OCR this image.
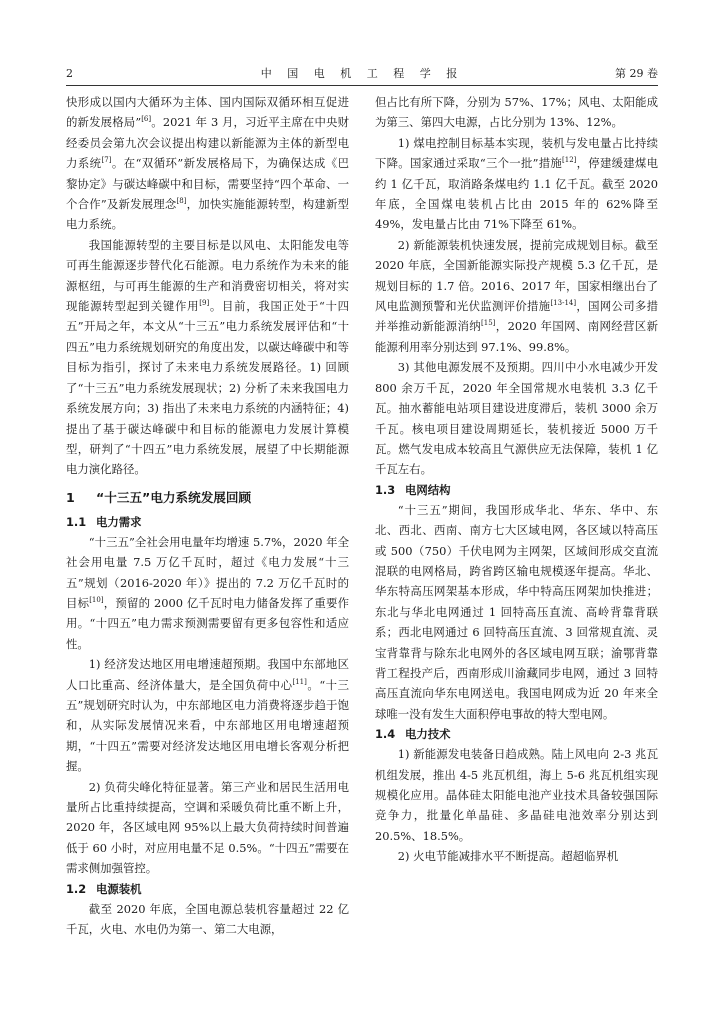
2	中 国 电 机 工 程 学 报	第 29 卷

快形成以国内大循环为主体、国内国际双循环相互促进的新发展格局”[6]。2021 年 3 月，习近平主席在中央财经委员会第九次会议提出构建以新能源为主体的新型电力系统[7]。在“双循环”新发展格局下，为确保达成《巴黎协定》与碳达峰碳中和目标，需要坚持“四个革命、一个合作”及新发展理念[8]，加快实施能源转型，构建新型电力系统。

我国能源转型的主要目标是以风电、太阳能发电等可再生能源逐步替代化石能源。电力系统作为未来的能源枢纽，与可再生能源的生产和消费密切相关，将对实现能源转型起到关键作用[9]。目前，我国正处于“十四五”开局之年，本文从“十三五”电力系统发展评估和“十四五”电力系统规划研究的角度出发，以碳达峰碳中和等目标为指引，探讨了未来电力系统发展路径。1) 回顾了“十三五”电力系统发展现状；2) 分析了未来我国电力系统发展方向；3) 指出了未来电力系统的内涵特征；4) 提出了基于碳达峰碳中和目标的能源电力发展计算模型，研判了“十四五”电力系统发展，展望了中长期能源电力演化路径。

1 “十三五”电力系统发展回顾
1.1 电力需求

“十三五”全社会用电量年均增速 5.7%，2020 年全社会用电量 7.5 万亿千瓦时，超过《电力发展“十三五”规划（2016-2020 年）》提出的 7.2 万亿千瓦时的目标[10]，预留的 2000 亿千瓦时电力储备发挥了重要作用。“十四五”电力需求预测需要留有更多包容性和适应性。

1) 经济发达地区用电增速超预期。我国中东部地区人口比重高、经济体量大，是全国负荷中心[11]。“十三五”规划研究时认为，中东部地区电力消费将逐步趋于饱和，从实际发展情况来看，中东部地区用电增速超预期，“十四五”需要对经济发达地区用电增长客观分析把握。

2) 负荷尖峰化特征显著。第三产业和居民生活用电量所占比重持续提高，空调和采暖负荷比重不断上升，2020 年，各区域电网 95%以上最大负荷持续时间普遍低于 60 小时，对应用电量不足 0.5%。“十四五”需要在需求侧加强管控。

1.2 电源装机

截至 2020 年底，全国电源总装机容量超过 22 亿千瓦，火电、水电仍为第一、第二大电源，

但占比有所下降，分别为 57%、17%；风电、太阳能成为第三、第四大电源，占比分别为 13%、12%。

1) 煤电控制目标基本实现，装机与发电量占比持续下降。国家通过采取“三个一批”措施[12]，停建缓建煤电约 1 亿千瓦，取消路条煤电约 1.1 亿千瓦。截至 2020 年底，全国煤电装机占比由 2015 年的 62%降至 49%，发电量占比由 71%下降至 61%。

2) 新能源装机快速发展，提前完成规划目标。截至 2020 年底，全国新能源实际投产规模 5.3 亿千瓦，是规划目标的 1.7 倍。2016、2017 年，国家相继出台了风电监测预警和光伏监测评价措施[13-14]，国网公司多措并举推动新能源消纳[15]，2020 年国网、南网经营区新能源利用率分别达到 97.1%、99.8%。

3) 其他电源发展不及预期。四川中小水电减少开发 800 余万千瓦，2020 年全国常规水电装机 3.3 亿千瓦。抽水蓄能电站项目建设进度滞后，装机 3000 余万千瓦。核电项目建设周期延长，装机接近 5000 万千瓦。燃气发电成本较高且气源供应无法保障，装机 1 亿千瓦左右。

1.3 电网结构

“十三五”期间，我国形成华北、华东、华中、东北、西北、西南、南方七大区域电网，各区域以特高压或 500（750）千伏电网为主网架，区域间形成交直流混联的电网格局，跨省跨区输电规模逐年提高。华北、华东特高压网架基本形成，华中特高压网架加快推进；东北与华北电网通过 1 回特高压直流、高岭背靠背联系；西北电网通过 6 回特高压直流、3 回常规直流、灵宝背靠背与除东北电网外的各区域电网互联；渝鄂背靠背工程投产后，西南形成川渝藏同步电网，通过 3 回特高压直流向华东电网送电。我国电网成为近 20 年来全球唯一没有发生大面积停电事故的特大型电网。

1.4 电力技术

1) 新能源发电装备日趋成熟。陆上风电向 2-3 兆瓦机组发展，推出 4-5 兆瓦机组，海上 5-6 兆瓦机组实现规模化应用。晶体硅太阳能电池产业技术具备较强国际竞争力，批量化单晶硅、多晶硅电池效率分别达到 20.5%、18.5%。

2) 火电节能减排水平不断提高。超超临界机
